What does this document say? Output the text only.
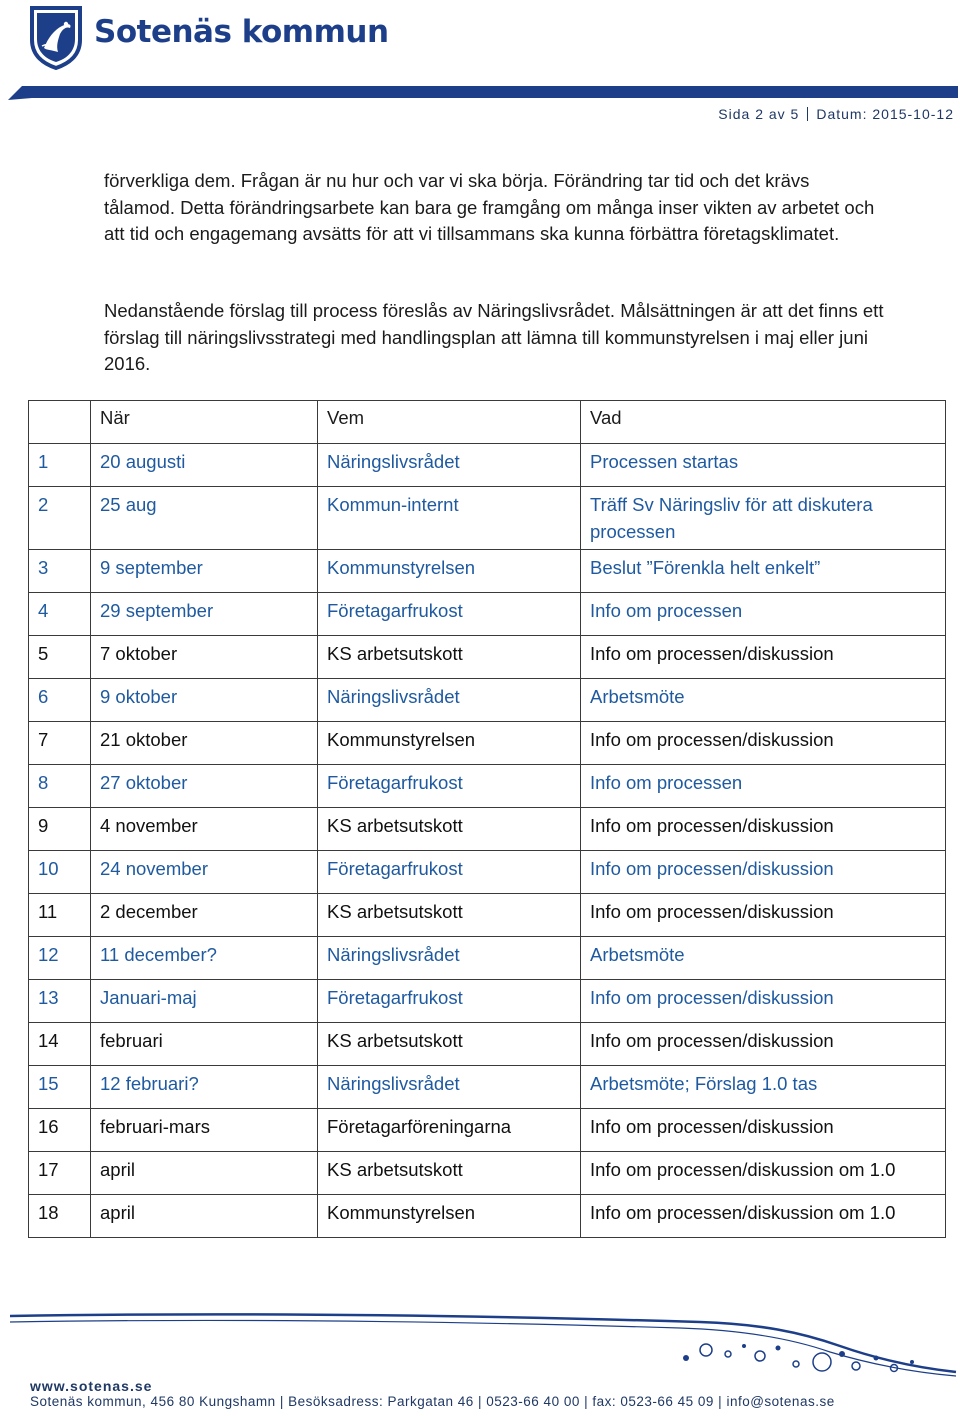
Sotenäs kommun
Sida 2 av 5 Datum: 2015-10-12

förverkliga dem. Frågan är nu hur och var vi ska börja. Förändring tar tid och det krävs tålamod. Detta förändringsarbete kan bara ge framgång om många inser vikten av arbetet och att tid och engagemang avsätts för att vi tillsammans ska kunna förbättra företagsklimatet.

Nedanstående förslag till process föreslås av Näringslivsrådet. Målsättningen är att det finns ett förslag till näringslivsstrategi med handlingsplan att lämna till kommunstyrelsen i maj eller juni 2016.

	När	Vem	Vad
1	20 augusti	Näringslivsrådet	Processen startas
2	25 aug	Kommun-internt	Träff Sv Näringsliv för att diskutera processen
3	9 september	Kommunstyrelsen	Beslut ”Förenkla helt enkelt”
4	29 september	Företagarfrukost	Info om processen
5	7 oktober	KS arbetsutskott	Info om processen/diskussion
6	9 oktober	Näringslivsrådet	Arbetsmöte
7	21 oktober	Kommunstyrelsen	Info om processen/diskussion
8	27 oktober	Företagarfrukost	Info om processen
9	4 november	KS arbetsutskott	Info om processen/diskussion
10	24 november	Företagarfrukost	Info om processen/diskussion
11	2 december	KS arbetsutskott	Info om processen/diskussion
12	11 december?	Näringslivsrådet	Arbetsmöte
13	Januari-maj	Företagarfrukost	Info om processen/diskussion
14	februari	KS arbetsutskott	Info om processen/diskussion
15	12 februari?	Näringslivsrådet	Arbetsmöte; Förslag 1.0 tas
16	februari-mars	Företagarföreningarna	Info om processen/diskussion
17	april	KS arbetsutskott	Info om processen/diskussion om 1.0
18	april	Kommunstyrelsen	Info om processen/diskussion om 1.0
www.sotenas.se
Sotenäs kommun, 456 80 Kungshamn | Besöksadress: Parkgatan 46 | 0523-66 40 00 | fax: 0523-66 45 09 | info@sotenas.se
